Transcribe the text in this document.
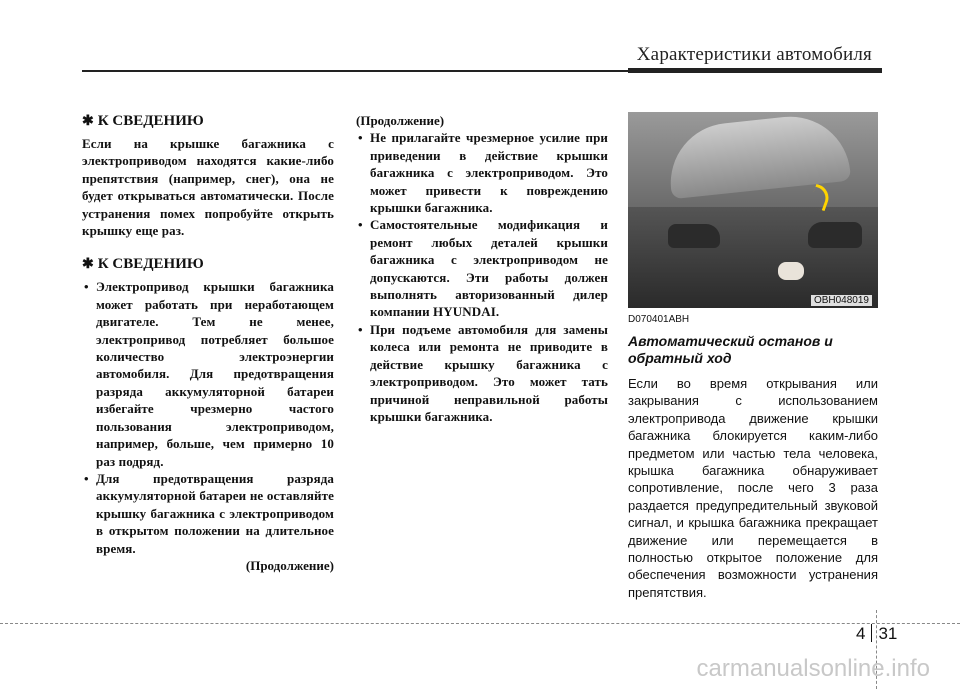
Характеристики автомобиля
✱ К СВЕДЕНИЮ

Если на крышке багажника с электроприводом находятся какие-либо препятствия (например, снег), она не будет открываться автоматически. После устранения помех попробуйте открыть крышку еще раз.

✱ К СВЕДЕНИЮ
• Электропривод крышки багажника может работать при неработающем двигателе. Тем не менее, электропривод потребляет большое количество электроэнергии автомобиля. Для предотвращения разряда аккумуляторной батареи избегайте чрезмерно частого пользования электроприводом, например, больше, чем примерно 10 раз подряд.
• Для предотвращения разряда аккумуляторной батареи не оставляйте крышку багажника с электроприводом в открытом положении на длительное время.
(Продолжение)
(Продолжение)
• Не прилагайте чрезмерное усилие при приведении в действие крышки багажника с электроприводом. Это может привести к повреждению крышки багажника.
• Самостоятельные модификация и ремонт любых деталей крышки багажника с электроприводом не допускаются. Эти работы должен выполнять авторизованный дилер компании HYUNDAI.
• При подъеме автомобиля для замены колеса или ремонта не приводите в действие крышку багажника с электроприводом. Это может тать причиной неправильной работы крышки багажника.
OBH048019
D070401ABH
Автоматический останов и обратный ход

Если во время открывания или закрывания с использованием электропривода движение крышки багажника блокируется каким-либо предметом или частью тела человека, крышка багажника обнаруживает сопротивление, после чего 3 раза раздается предупредительный звуковой сигнал, и крышка багажника прекращает движение или перемещается в полностью открытое положение для обеспечения возможности устранения препятствия.

4 31
carmanualsonline.info
